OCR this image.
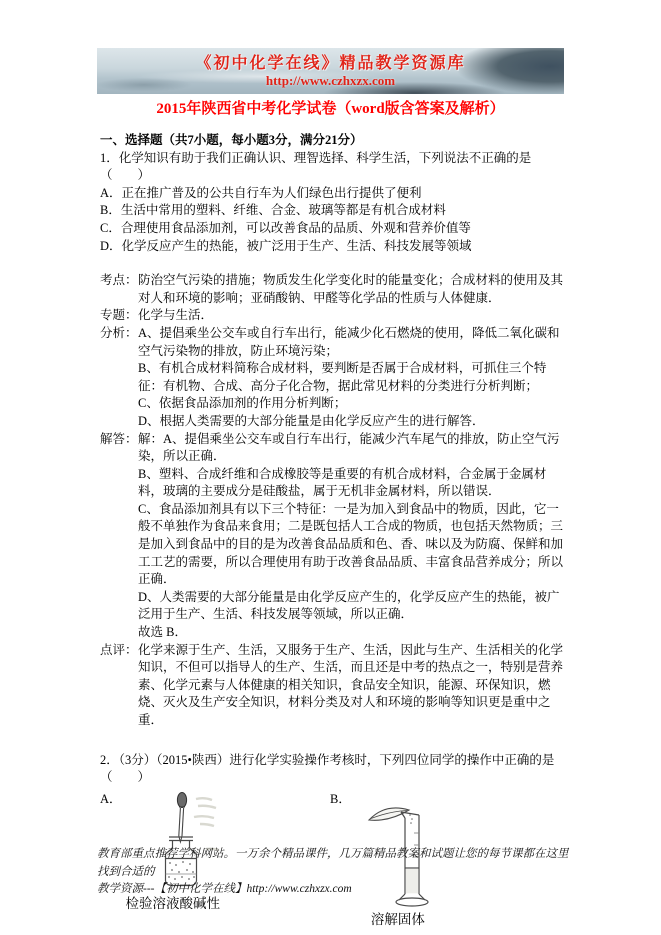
《初中化学在线》精品教学资源库
http://www.czhxzx.com
2015年陕西省中考化学试卷（word版含答案及解析）

一、选择题（共7小题，每小题3分，满分21分）

1．化学知识有助于我们正确认识、理智选择、科学生活，下列说法不正确的是（　　）

A．正在推广普及的公共自行车为人们绿色出行提供了便利

B．生活中常用的塑料、纤维、合金、玻璃等都是有机合成材料

C．合理使用食品添加剂，可以改善食品的品质、外观和营养价值等

D．化学反应产生的热能，被广泛用于生产、生活、科技发展等领域

考点： 防治空气污染的措施；物质发生化学变化时的能量变化；合成材料的使用及其对人和环境的影响；亚硝酸钠、甲醛等化学品的性质与人体健康．
专题： 化学与生活．
分析： A、提倡乘坐公交车或自行车出行，能减少化石燃烧的使用，降低二氧化碳和空气污染物的排放，防止环境污染；

B、有机合成材料简称合成材料，要判断是否属于合成材料，可抓住三个特征：有机物、合成、高分子化合物，据此常见材料的分类进行分析判断；

C、依据食品添加剂的作用分析判断；

D、根据人类需要的大部分能量是由化学反应产生的进行解答．

解答： 解：A、提倡乘坐公交车或自行车出行，能减少汽车尾气的排放，防止空气污染，所以正确．

B、塑料、合成纤维和合成橡胶等是重要的有机合成材料，合金属于金属材料，玻璃的主要成分是硅酸盐，属于无机非金属材料，所以错误．

C、食品添加剂具有以下三个特征：一是为加入到食品中的物质，因此，它一般不单独作为食品来食用；二是既包括人工合成的物质，也包括天然物质；三是加入到食品中的目的是为改善食品品质和色、香、味以及为防腐、保鲜和加工工艺的需要，所以合理使用有助于改善食品品质、丰富食品营养成分；所以正确．

D、人类需要的大部分能量是由化学反应产生的，化学反应产生的热能，被广泛用于生产、生活、科技发展等领域，所以正确．

故选 B．

点评： 化学来源于生产、生活，又服务于生产、生活，因此与生产、生活相关的化学知识，不但可以指导人的生产、生活，而且还是中考的热点之一，特别是营养素、化学元素与人体健康的相关知识，食品安全知识，能源、环保知识，燃烧、灭火及生产安全知识，材料分类及对人和环境的影响等知识更是重中之重．

2．（3分）（2015•陕西）进行化学实验操作考核时，下列四位同学的操作中正确的是（　　）

A．
检验溶液酸碱性
B．
溶解固体

教育部重点推荐学科网站。一万余个精品课件，几万篇精品教案和试题让您的每节课都在这里找到合适的

教学资源---【初中化学在线】http://www.czhxzx.com
